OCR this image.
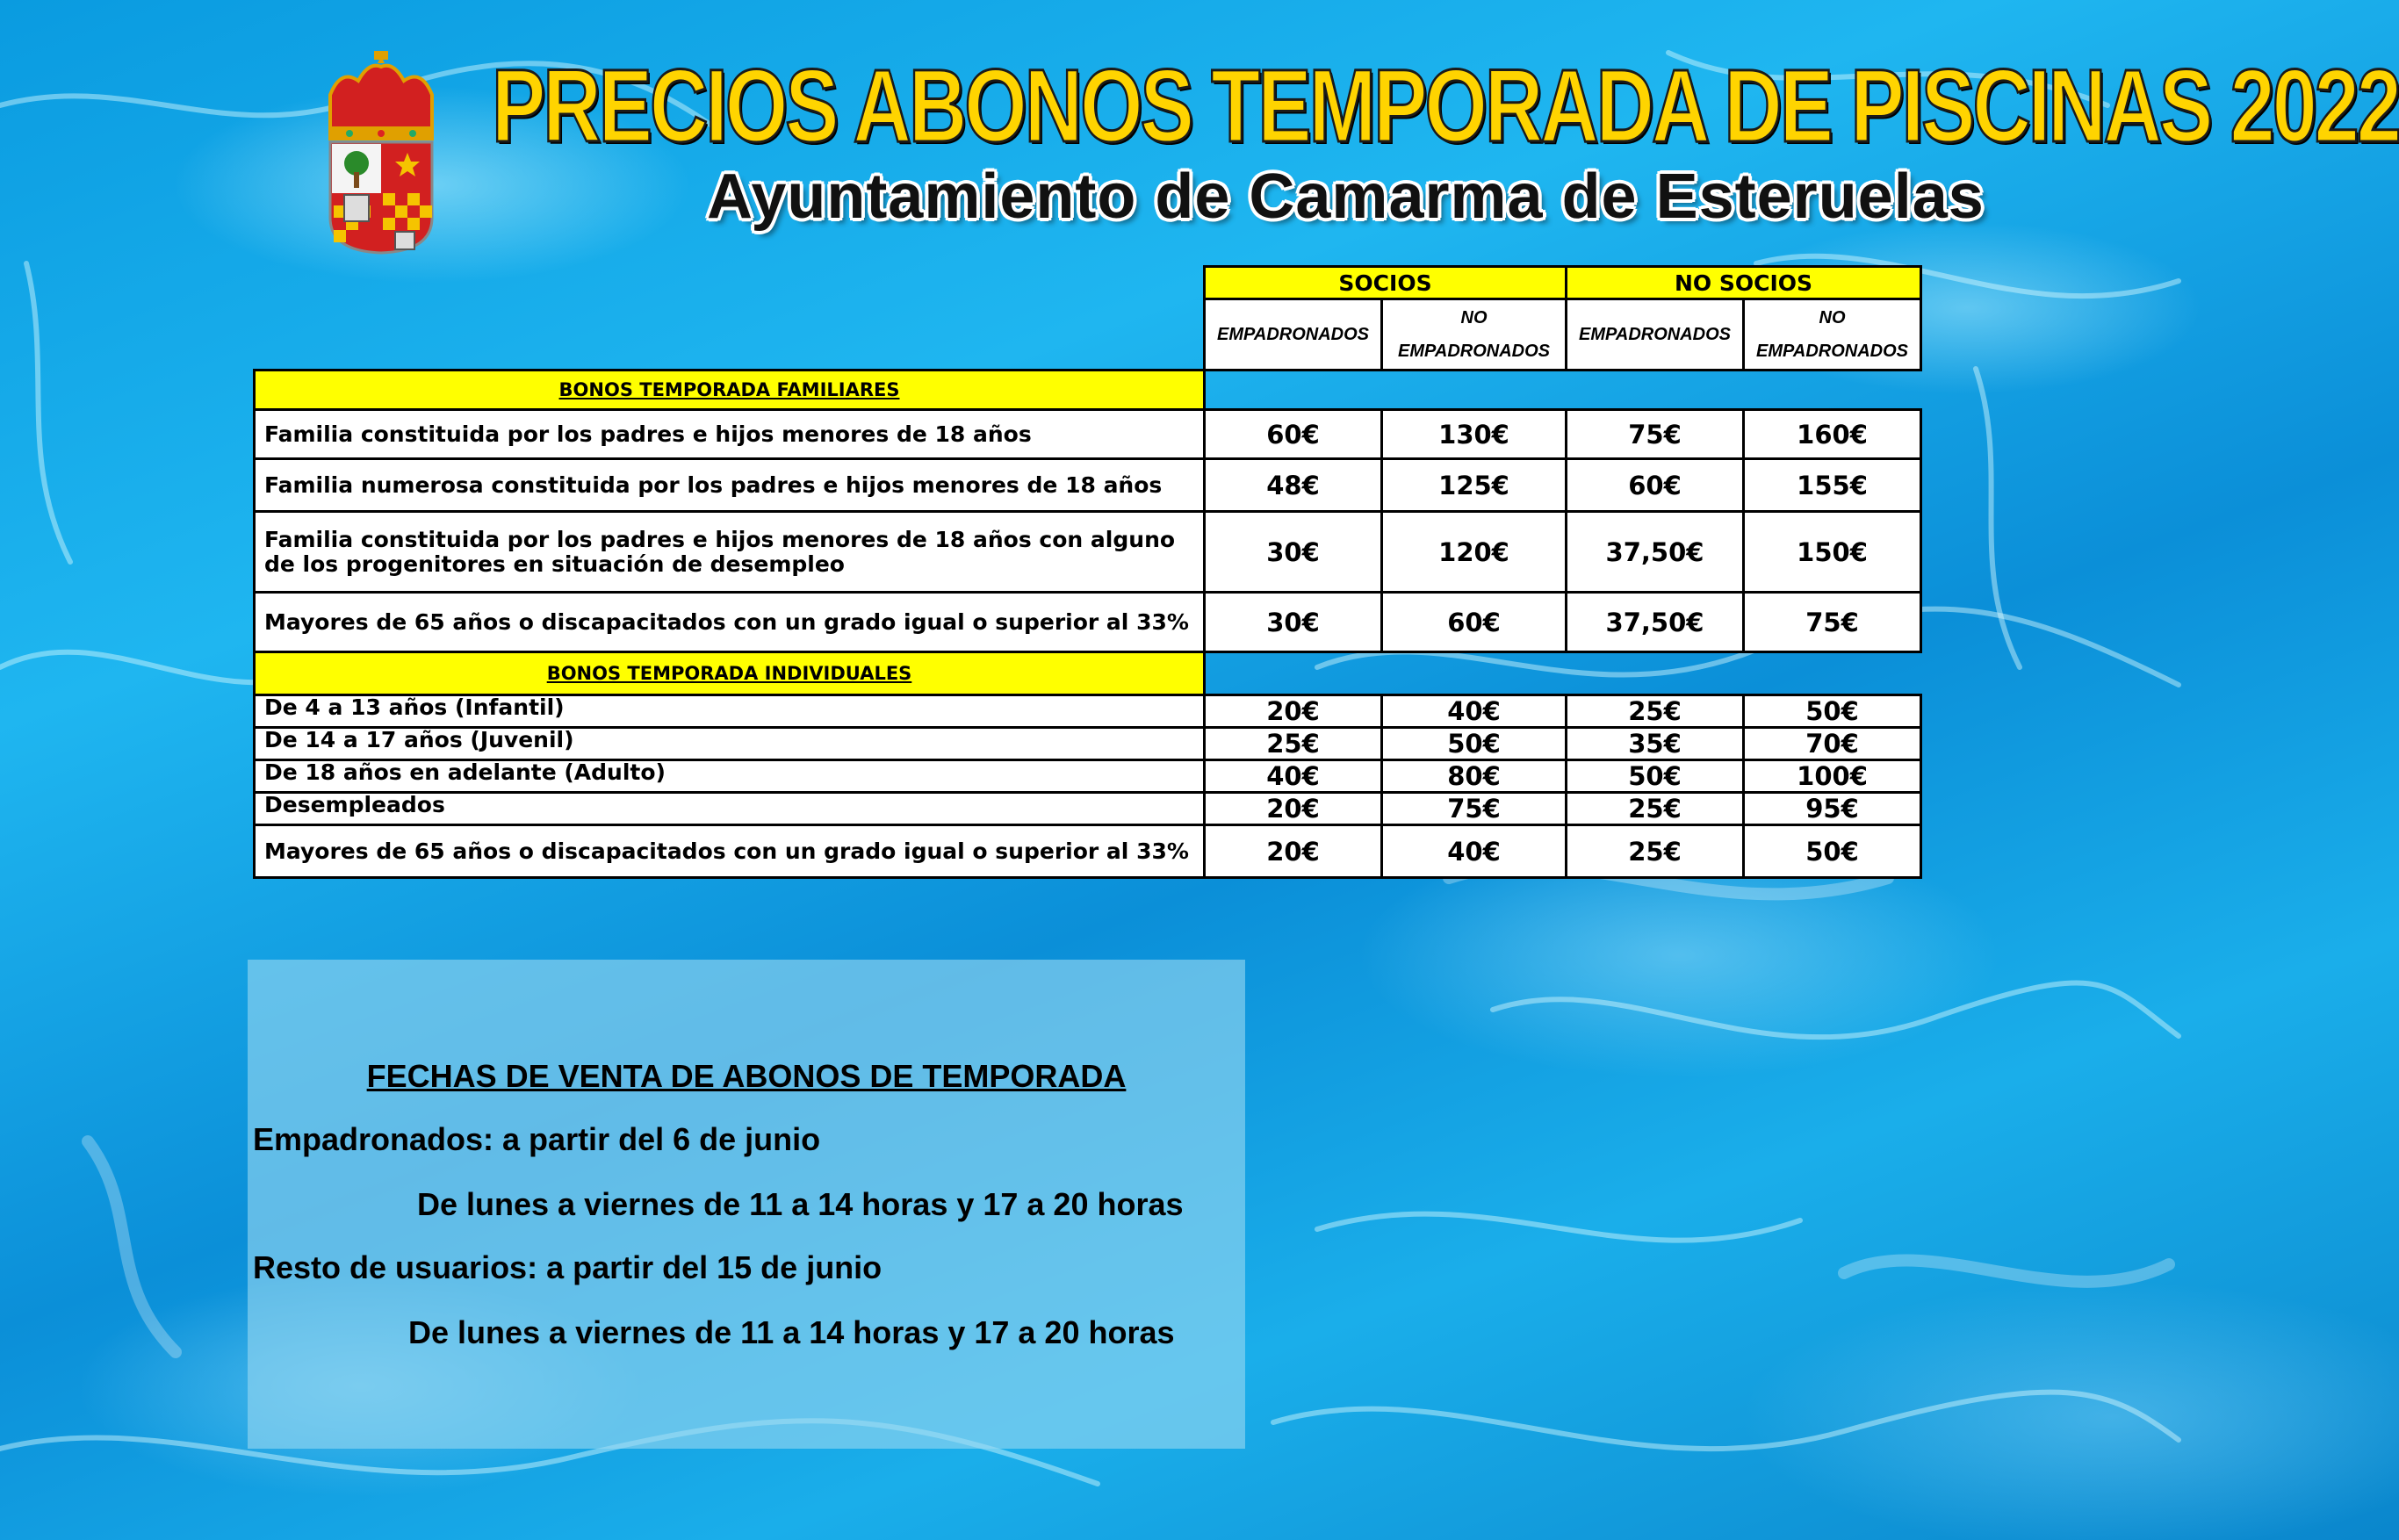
PRECIOS ABONOS TEMPORADA DE PISCINAS 2022
Ayuntamiento de Camarma de Esteruelas
	SOCIOS		NO SOCIOS	
	EMPADRONADOS	NO EMPADRONADOS	EMPADRONADOS	NO EMPADRONADOS
BONOS TEMPORADA FAMILIARES				
Familia constituida por los padres e hijos menores de 18 años	60€	130€	75€	160€
Familia numerosa constituida por los padres e hijos menores de 18 años	48€	125€	60€	155€
Familia constituida por los padres e hijos menores de 18 años con alguno de los progenitores en situación de desempleo	30€	120€	37,50€	150€
Mayores de 65 años o discapacitados con un grado igual o superior al 33%	30€	60€	37,50€	75€
BONOS TEMPORADA INDIVIDUALES				
De 4 a 13 años (Infantil)	20€	40€	25€	50€
De 14 a 17 años (Juvenil)	25€	50€	35€	70€
De 18 años en adelante (Adulto)	40€	80€	50€	100€
Desempleados	20€	75€	25€	95€
Mayores de 65 años o discapacitados con un grado igual o superior al 33%	20€	40€	25€	50€

FECHAS DE VENTA DE ABONOS DE TEMPORADA

Empadronados: a partir del 6 de junio

De lunes a viernes de 11 a 14 horas y 17 a 20 horas

Resto de usuarios: a partir del 15 de junio

De lunes a viernes de 11 a 14 horas y 17 a 20 horas
